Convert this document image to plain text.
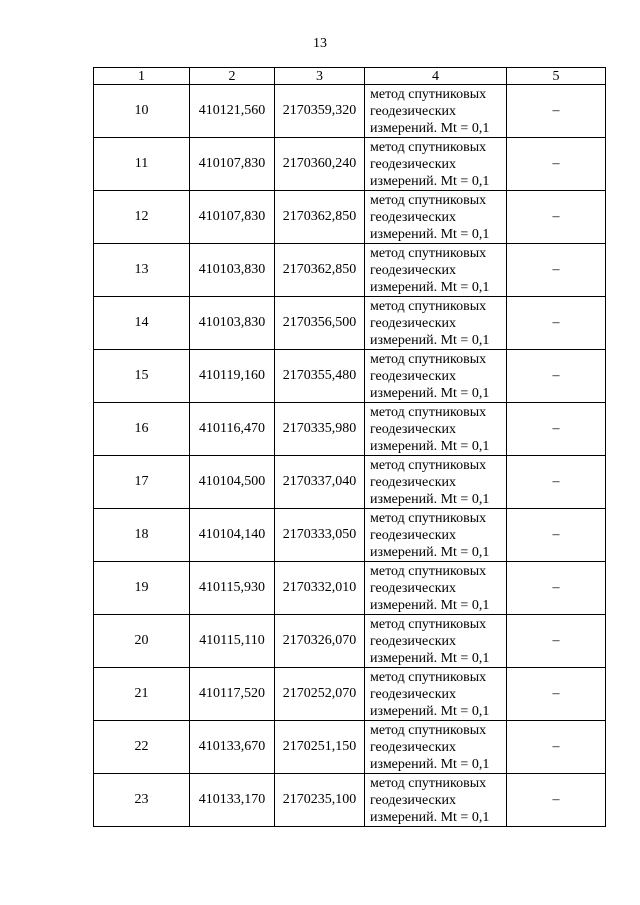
13
1	2	3	4	5
10	410121,560	2170359,320	метод спутниковых
геодезических
измерений. Mt = 0,1	–
11	410107,830	2170360,240	метод спутниковых
геодезических
измерений. Mt = 0,1	–
12	410107,830	2170362,850	метод спутниковых
геодезических
измерений. Mt = 0,1	–
13	410103,830	2170362,850	метод спутниковых
геодезических
измерений. Mt = 0,1	–
14	410103,830	2170356,500	метод спутниковых
геодезических
измерений. Mt = 0,1	–
15	410119,160	2170355,480	метод спутниковых
геодезических
измерений. Mt = 0,1	–
16	410116,470	2170335,980	метод спутниковых
геодезических
измерений. Mt = 0,1	–
17	410104,500	2170337,040	метод спутниковых
геодезических
измерений. Mt = 0,1	–
18	410104,140	2170333,050	метод спутниковых
геодезических
измерений. Mt = 0,1	–
19	410115,930	2170332,010	метод спутниковых
геодезических
измерений. Mt = 0,1	–
20	410115,110	2170326,070	метод спутниковых
геодезических
измерений. Mt = 0,1	–
21	410117,520	2170252,070	метод спутниковых
геодезических
измерений. Mt = 0,1	–
22	410133,670	2170251,150	метод спутниковых
геодезических
измерений. Mt = 0,1	–
23	410133,170	2170235,100	метод спутниковых
геодезических
измерений. Mt = 0,1	–
